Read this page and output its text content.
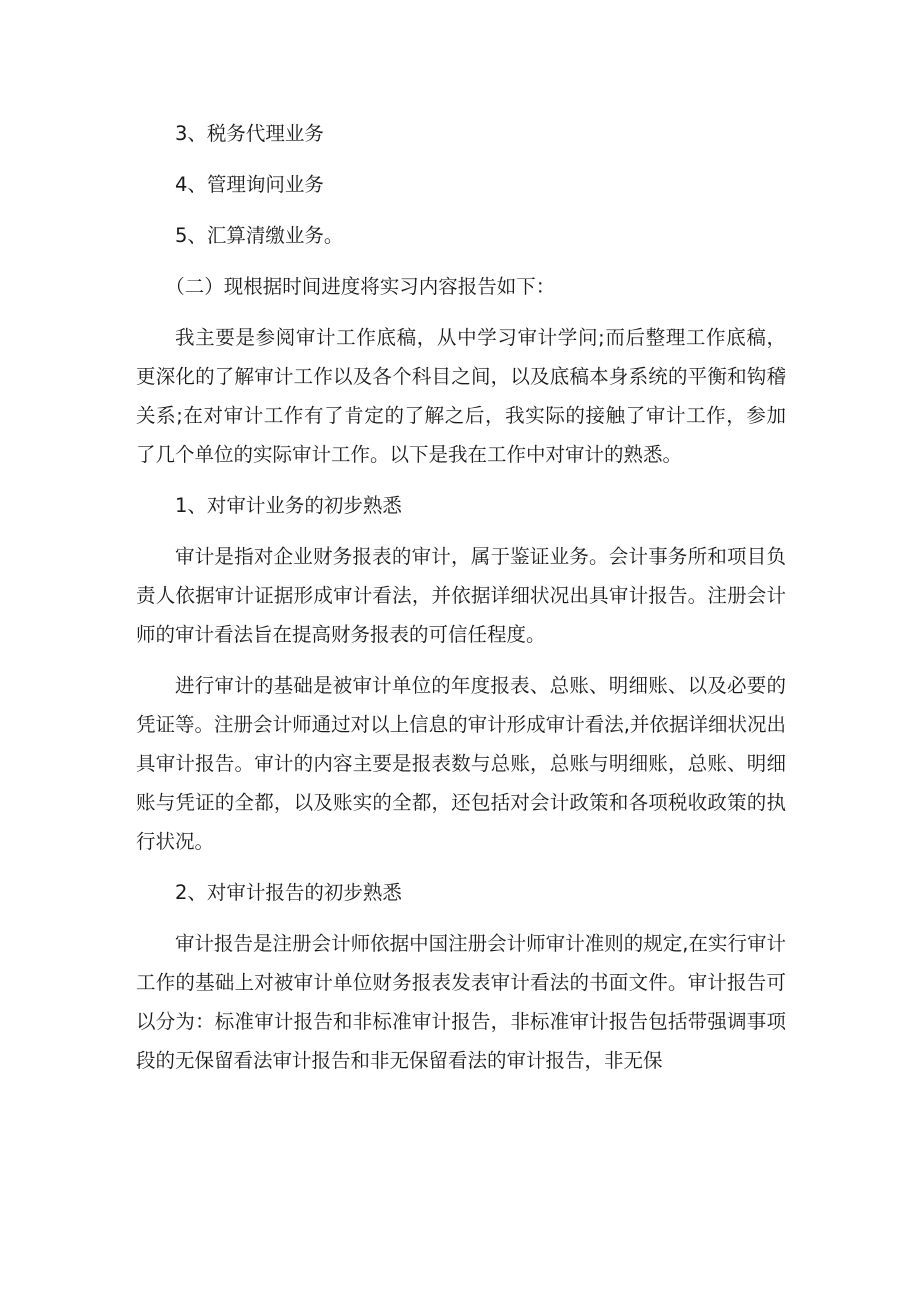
3、税务代理业务
4、管理询问业务
5、汇算清缴业务。
（二）现根据时间进度将实习内容报告如下：
我主要是参阅审计工作底稿，从中学习审计学问;而后整理工作底稿，更深化的了解审计工作以及各个科目之间，以及底稿本身系统的平衡和钩稽关系;在对审计工作有了肯定的了解之后，我实际的接触了审计工作，参加了几个单位的实际审计工作。以下是我在工作中对审计的熟悉。
1、对审计业务的初步熟悉
审计是指对企业财务报表的审计，属于鉴证业务。会计事务所和项目负责人依据审计证据形成审计看法，并依据详细状况出具审计报告。注册会计师的审计看法旨在提高财务报表的可信任程度。
进行审计的基础是被审计单位的年度报表、总账、明细账、以及必要的凭证等。注册会计师通过对以上信息的审计形成审计看法,并依据详细状况出具审计报告。审计的内容主要是报表数与总账，总账与明细账，总账、明细账与凭证的全都，以及账实的全都，还包括对会计政策和各项税收政策的执行状况。
2、对审计报告的初步熟悉
审计报告是注册会计师依据中国注册会计师审计准则的规定,在实行审计工作的基础上对被审计单位财务报表发表审计看法的书面文件。审计报告可以分为：标准审计报告和非标准审计报告，非标准审计报告包括带强调事项段的无保留看法审计报告和非无保留看法的审计报告，非无保
